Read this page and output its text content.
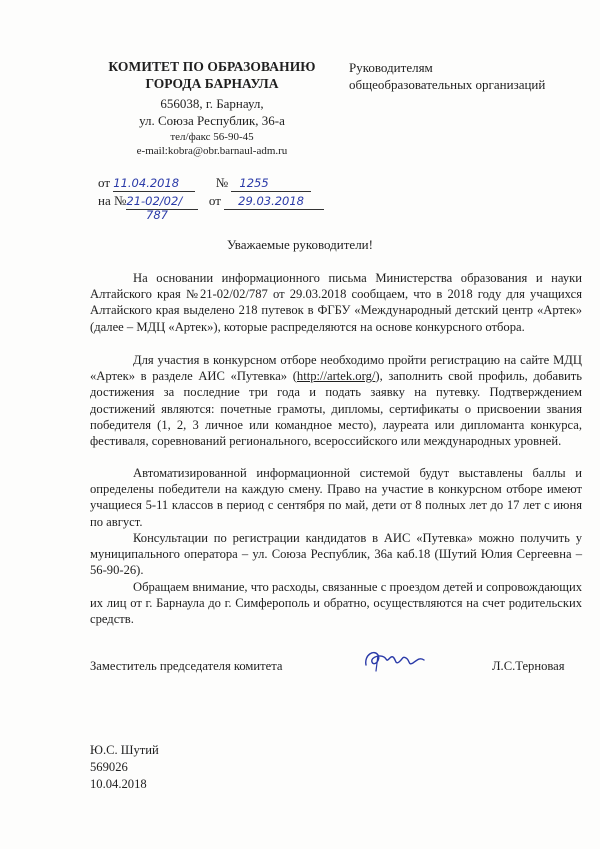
КОМИТЕТ ПО ОБРАЗОВАНИЮ
ГОРОДА БАРНАУЛА
656038, г. Барнаул,
ул. Союза Республик, 36-а
тел/факс 56-90-45
e-mail:kobra@obr.barnaul-adm.ru
Руководителям
общеобразовательных организаций
от 11.04.2018	№ 1255
на №21-02/02/ от 29.03.2018
787
Уважаемые руководители!
На основании информационного письма Министерства образования и науки Алтайского края №21-02/02/787 от 29.03.2018 сообщаем, что в 2018 году для учащихся Алтайского края выделено 218 путевок в ФГБУ «Международный детский центр «Артек» (далее – МДЦ «Артек»), которые распределяются на основе конкурсного отбора.
Для участия в конкурсном отборе необходимо пройти регистрацию на сайте МДЦ «Артек» в разделе АИС «Путевка» (http://artek.org/), заполнить свой профиль, добавить достижения за последние три года и подать заявку на путевку. Подтверждением достижений являются: почетные грамоты, дипломы, сертификаты о присвоении звания победителя (1, 2, 3 личное или командное место), лауреата или дипломанта конкурса, фестиваля, соревнований регионального, всероссийского или международных уровней.
Автоматизированной информационной системой будут выставлены баллы и определены победители на каждую смену. Право на участие в конкурсном отборе имеют учащиеся 5-11 классов в период с сентября по май, дети от 8 полных лет до 17 лет с июня по август.
Консультации по регистрации кандидатов в АИС «Путевка» можно получить у муниципального оператора – ул. Союза Республик, 36а каб.18 (Шутий Юлия Сергеевна – 56-90-26).
Обращаем внимание, что расходы, связанные с проездом детей и сопровождающих их лиц от г. Барнаула до г. Симферополь и обратно, осуществляются на счет родительских средств.
Заместитель председателя комитета	Л.С.Терновая
Ю.С. Шутий
569026
10.04.2018
